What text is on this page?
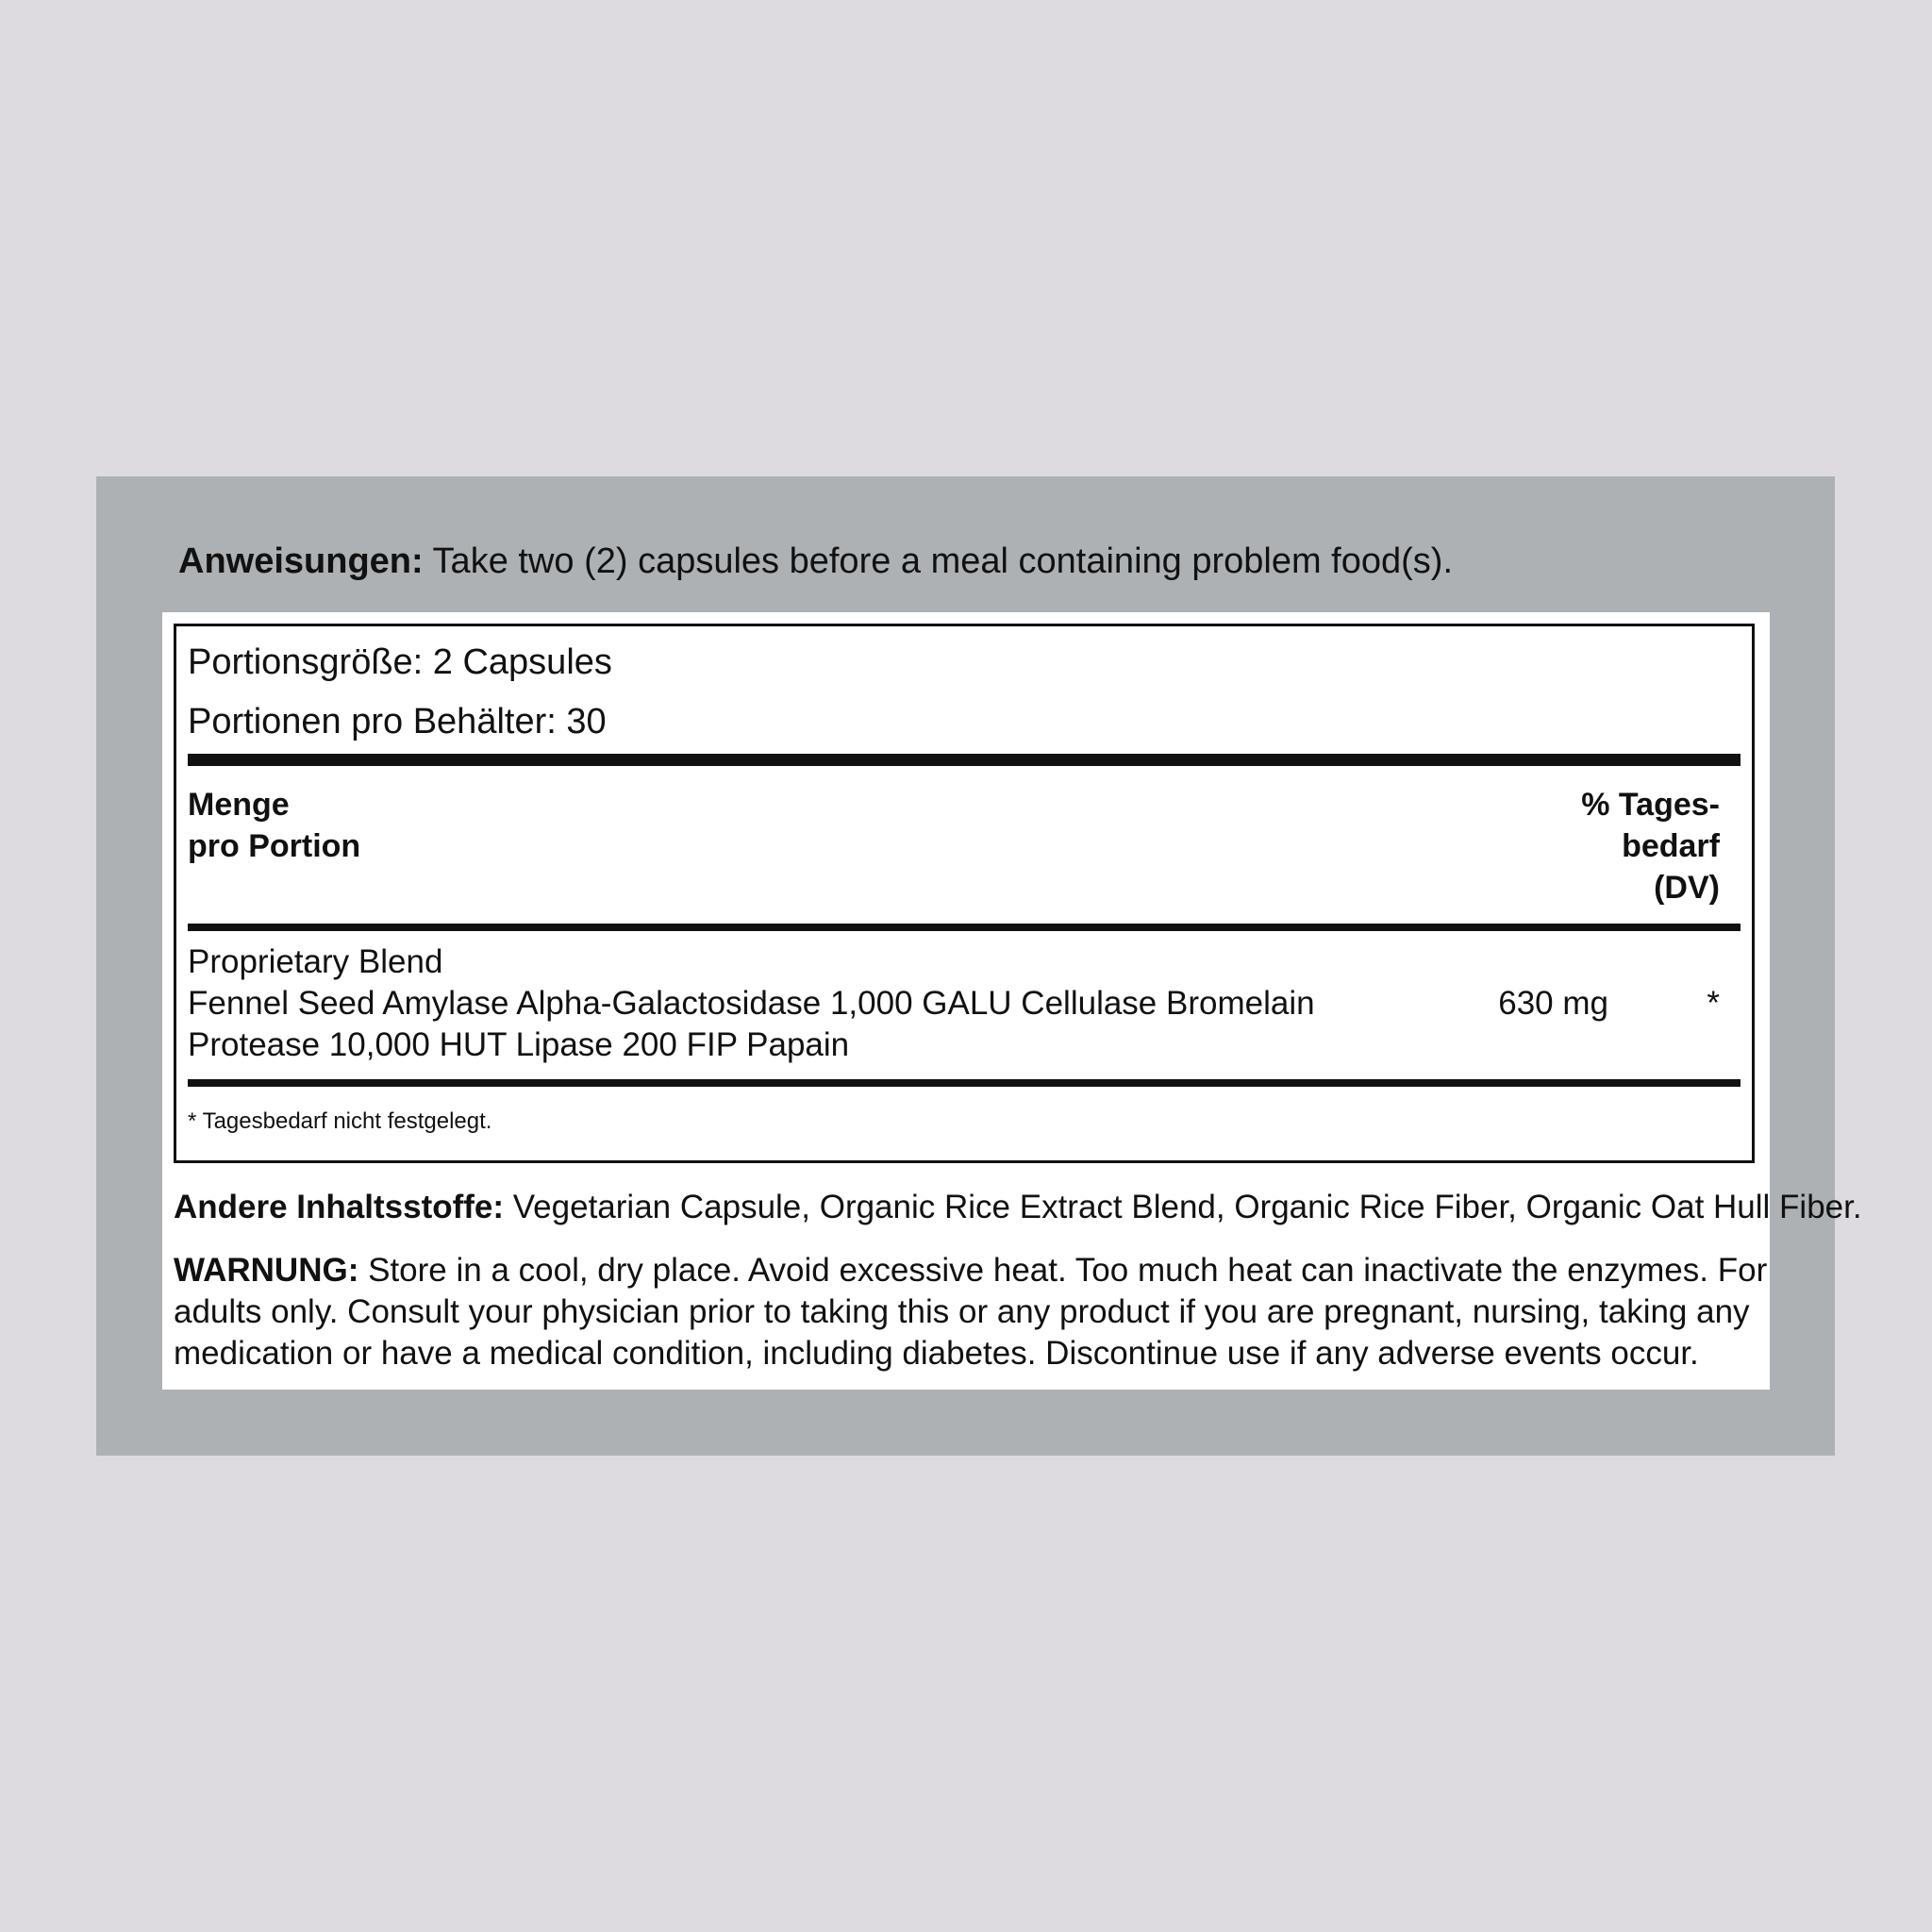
Anweisungen: Take two (2) capsules before a meal containing problem food(s).
Portionsgröße: 2 Capsules
Portionen pro Behälter: 30
Menge
pro Portion
% Tages-
bedarf
(DV)
Proprietary Blend
Fennel Seed Amylase Alpha-Galactosidase 1,000 GALU Cellulase Bromelain
Protease 10,000 HUT Lipase 200 FIP Papain
630 mg	*
* Tagesbedarf nicht festgelegt.
Andere Inhaltsstoffe: Vegetarian Capsule, Organic Rice Extract Blend, Organic Rice Fiber, Organic Oat Hull Fiber.
WARNUNG: Store in a cool, dry place. Avoid excessive heat. Too much heat can inactivate the enzymes. For adults only. Consult your physician prior to taking this or any product if you are pregnant, nursing, taking any medication or have a medical condition, including diabetes. Discontinue use if any adverse events occur.
